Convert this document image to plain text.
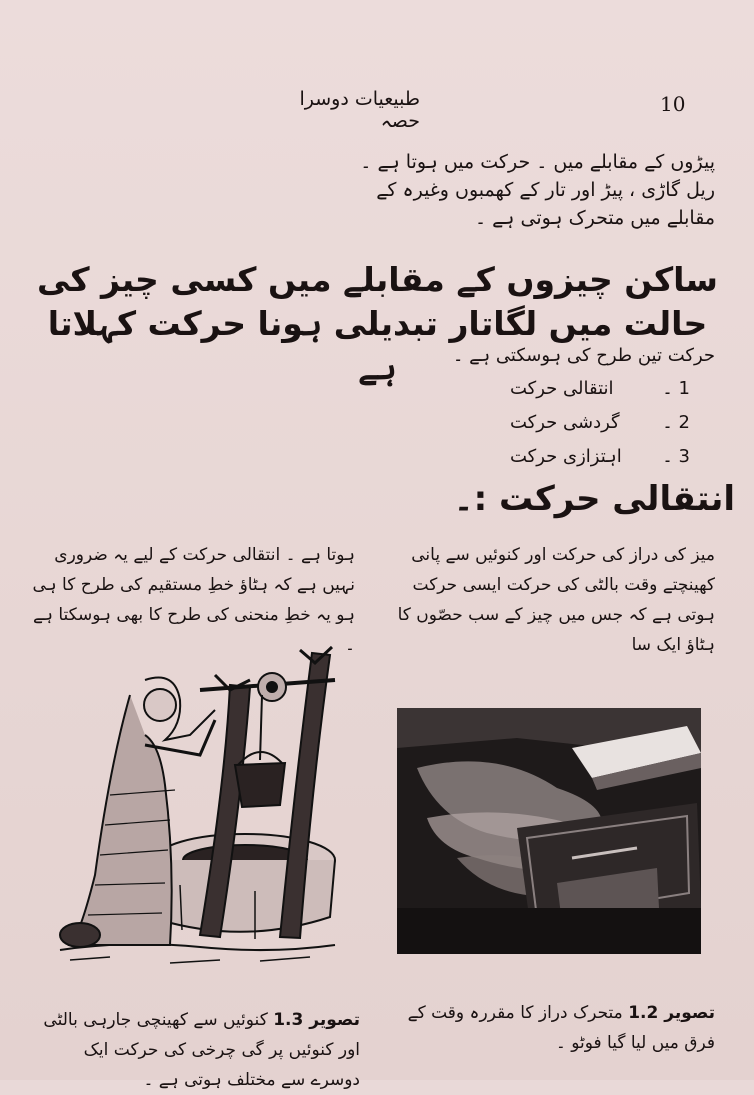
طبیعیات دوسرا حصہ
10

پیڑوں کے مقابلے میں ۔ حرکت میں ہوتا ہے ۔ ریل گاڑی ، پیڑ اور تار کے کھمبوں وغیرہ کے مقابلے میں متحرک ہوتی ہے ۔

ساکن چیزوں کے مقابلے میں کسی چیز کی حالت میں لگاتار تبدیلی ہونا حرکت کہلاتا ہے	حرکت تین طرح کی ہوسکتی ہے ۔
1 ۔
انتقالی حرکت
2 ۔
گردشی حرکت
3 ۔
اہتزازی حرکت
انتقالی حرکت :۔

میز کی دراز کی حرکت اور کنوئیں سے پانی کھینچتے وقت بالٹی کی حرکت ایسی حرکت ہوتی ہے کہ جس میں چیز کے سب حصّوں کا ہٹاؤ ایک سا

ہوتا ہے ۔ انتقالی حرکت کے لیے یہ ضروری نہیں ہے کہ ہٹاؤ خطِ مستقیم کی طرح کا ہی ہو یہ خطِ منحنی کی طرح کا بھی ہوسکتا ہے ۔

تصویر 1.2 متحرک دراز کا مقررہ وقت کے فرق میں لیا گیا فوٹو ۔
تصویر 1.3 کنوئیں سے کھینچی جارہی بالٹی اور کنوئیں پر گی چرخی کی حرکت ایک دوسرے سے مختلف ہوتی ہے ۔
